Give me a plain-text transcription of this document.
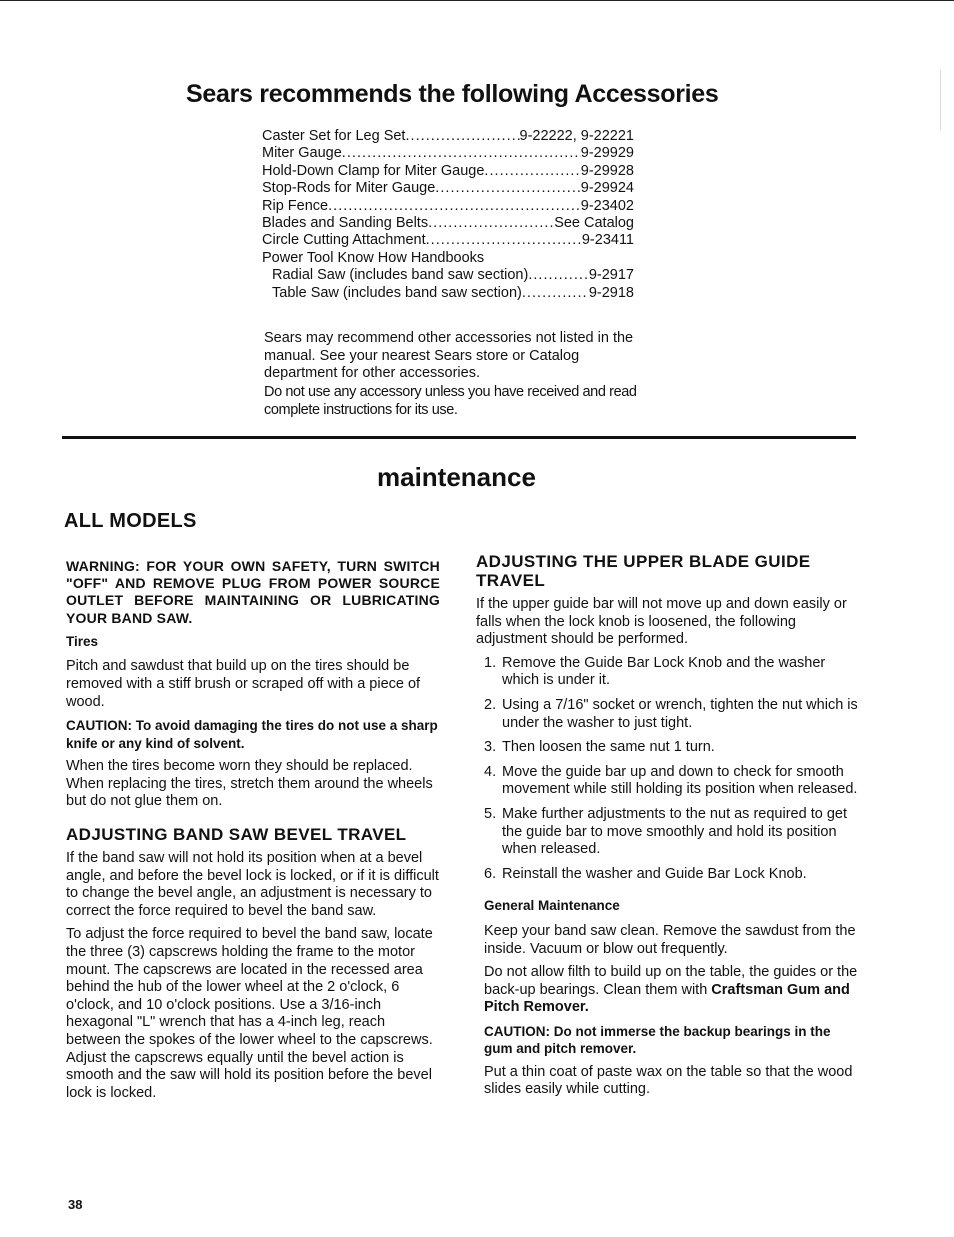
Sears recommends the following Accessories
Caster Set for Leg Set . . .	9-22222, 9-22221
Miter Gauge . . .	9-29929
Hold-Down Clamp for Miter Gauge . . .	9-29928
Stop-Rods for Miter Gauge . . .	9-29924
Rip Fence . . .	9-23402
Blades and Sanding Belts . . .	See Catalog
Circle Cutting Attachment . . .	9-23411
Power Tool Know How Handbooks
Radial Saw (includes band saw section) . . .	9-2917
Table Saw (includes band saw section) . . .	9-2918

Sears may recommend other accessories not listed in the manual. See your nearest Sears store or Catalog department for other accessories.

Do not use any accessory unless you have received and read complete instructions for its use.

maintenance
ALL MODELS

WARNING: FOR YOUR OWN SAFETY, TURN SWITCH "OFF" AND REMOVE PLUG FROM POWER SOURCE OUTLET BEFORE MAINTAINING OR LUBRICATING YOUR BAND SAW.

Tires

Pitch and sawdust that build up on the tires should be removed with a stiff brush or scraped off with a piece of wood.

CAUTION: To avoid damaging the tires do not use a sharp knife or any kind of solvent.

When the tires become worn they should be replaced. When replacing the tires, stretch them around the wheels but do not glue them on.

ADJUSTING BAND SAW BEVEL TRAVEL

If the band saw will not hold its position when at a bevel angle, and before the bevel lock is locked, or if it is difficult to change the bevel angle, an adjustment is necessary to correct the force required to bevel the band saw.

To adjust the force required to bevel the band saw, locate the three (3) capscrews holding the frame to the motor mount. The capscrews are located in the recessed area behind the hub of the lower wheel at the 2 o'clock, 6 o'clock, and 10 o'clock positions. Use a 3/16-inch hexagonal "L" wrench that has a 4-inch leg, reach between the spokes of the lower wheel to the capscrews. Adjust the capscrews equally until the bevel action is smooth and the saw will hold its position before the bevel lock is locked.

ADJUSTING THE UPPER BLADE GUIDE TRAVEL

If the upper guide bar will not move up and down easily or falls when the lock knob is loosened, the following adjustment should be performed.

1. Remove the Guide Bar Lock Knob and the washer which is under it.
2. Using a 7/16" socket or wrench, tighten the nut which is under the washer to just tight.
3. Then loosen the same nut 1 turn.
4. Move the guide bar up and down to check for smooth movement while still holding its position when released.
5. Make further adjustments to the nut as required to get the guide bar to move smoothly and hold its position when released.
6. Reinstall the washer and Guide Bar Lock Knob.

General Maintenance

Keep your band saw clean. Remove the sawdust from the inside. Vacuum or blow out frequently.

Do not allow filth to build up on the table, the guides or the back-up bearings. Clean them with Craftsman Gum and Pitch Remover.

CAUTION: Do not immerse the backup bearings in the gum and pitch remover.

Put a thin coat of paste wax on the table so that the wood slides easily while cutting.

38
